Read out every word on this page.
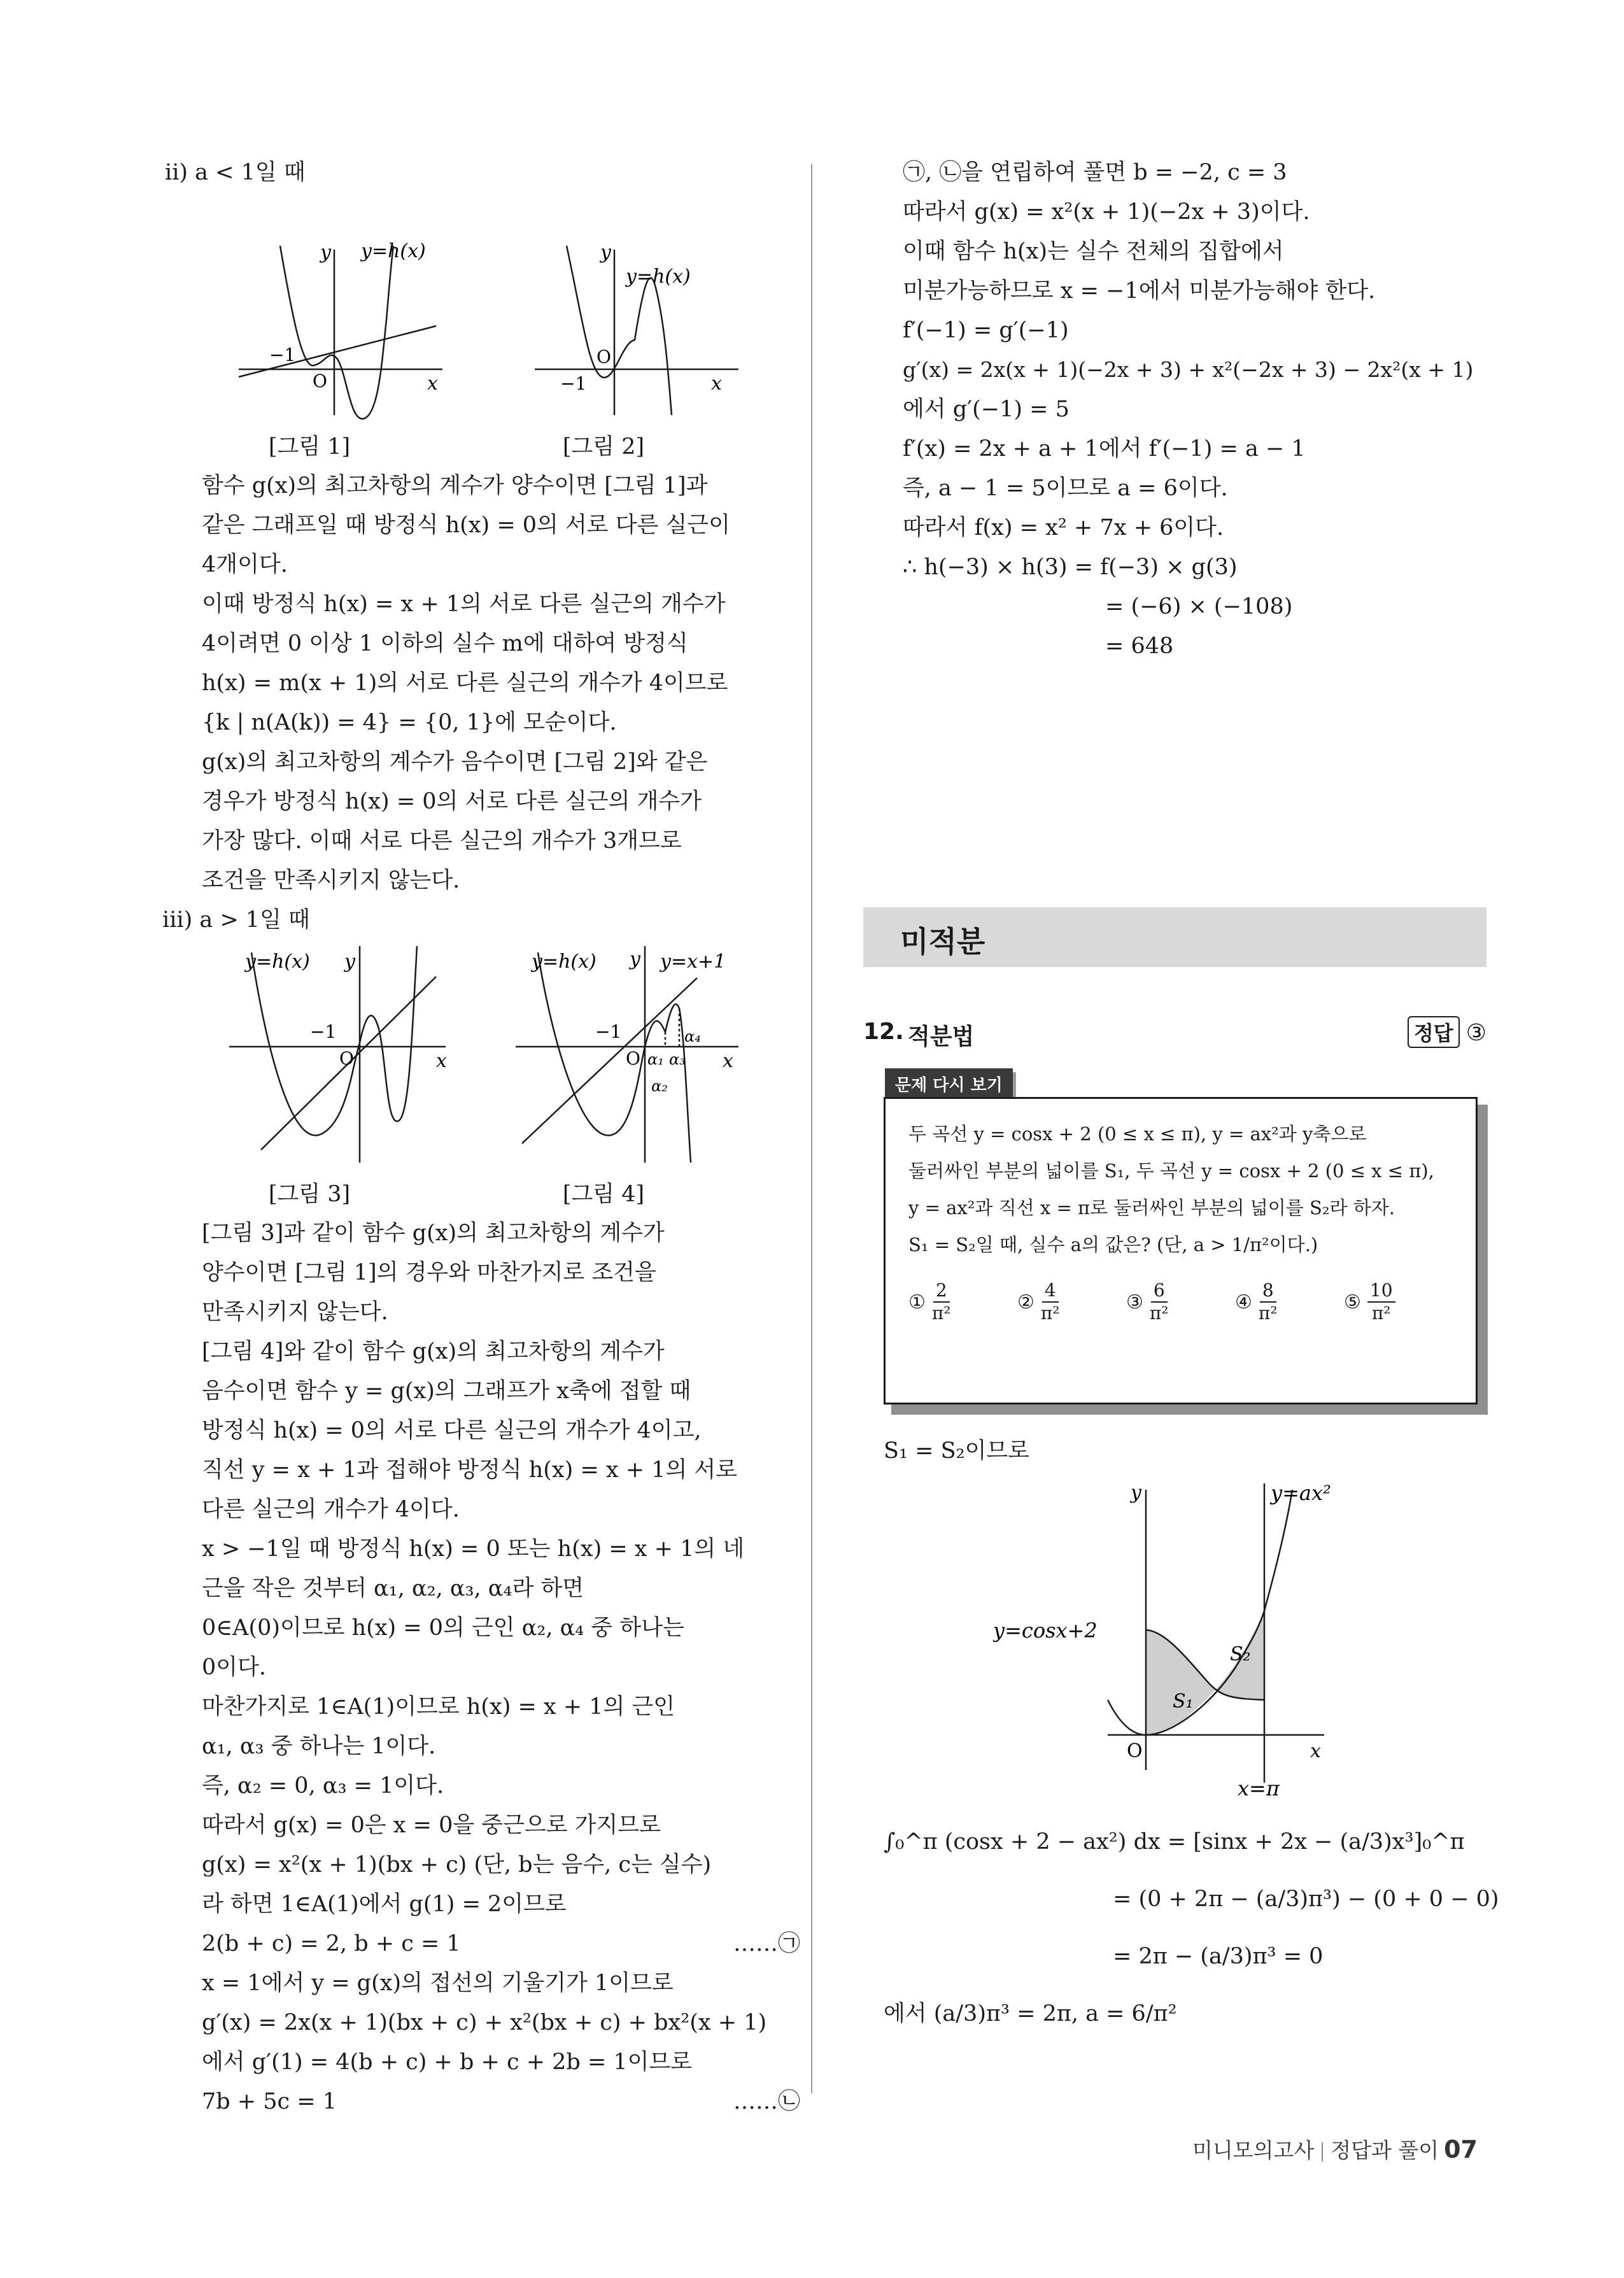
ii) a < 1일 때
y y=h(x)
−1
O	x
y
y=h(x)
O
−1	x
[그림 1]	[그림 2]
함수 g(x)의 최고차항의 계수가 양수이면 [그림 1]과
같은 그래프일 때 방정식 h(x) = 0의 서로 다른 실근이
4개이다.
이때 방정식 h(x) = x + 1의 서로 다른 실근의 개수가
4이려면 0 이상 1 이하의 실수 m에 대하여 방정식
h(x) = m(x + 1)의 서로 다른 실근의 개수가 4이므로
{k | n(A(k)) = 4} = {0, 1}에 모순이다.
g(x)의 최고차항의 계수가 음수이면 [그림 2]와 같은
경우가 방정식 h(x) = 0의 서로 다른 실근의 개수가
가장 많다. 이때 서로 다른 실근의 개수가 3개므로
조건을 만족시키지 않는다.
iii) a > 1일 때
y=h(x) y
−1
O	x
y=h(x) y y=x+1
−1
O
α₄
α₁ α₃
α₂
x
[그림 3]	[그림 4]
[그림 3]과 같이 함수 g(x)의 최고차항의 계수가
양수이면 [그림 1]의 경우와 마찬가지로 조건을
만족시키지 않는다.
[그림 4]와 같이 함수 g(x)의 최고차항의 계수가
음수이면 함수 y = g(x)의 그래프가 x축에 접할 때
방정식 h(x) = 0의 서로 다른 실근의 개수가 4이고,
직선 y = x + 1과 접해야 방정식 h(x) = x + 1의 서로
다른 실근의 개수가 4이다.
x > −1일 때 방정식 h(x) = 0 또는 h(x) = x + 1의 네
근을 작은 것부터 α₁, α₂, α₃, α₄라 하면
0∈A(0)이므로 h(x) = 0의 근인 α₂, α₄ 중 하나는
0이다.
마찬가지로 1∈A(1)이므로 h(x) = x + 1의 근인
α₁, α₃ 중 하나는 1이다.
즉, α₂ = 0, α₃ = 1이다.
따라서 g(x) = 0은 x = 0을 중근으로 가지므로
g(x) = x²(x + 1)(bx + c) (단, b는 음수, c는 실수)
라 하면 1∈A(1)에서 g(1) = 2이므로
2(b + c) = 2, b + c = 1	……㉠
x = 1에서 y = g(x)의 접선의 기울기가 1이므로
g′(x) = 2x(x + 1)(bx + c) + x²(bx + c) + bx²(x + 1)
에서 g′(1) = 4(b + c) + b + c + 2b = 1이므로
7b + 5c = 1	……㉡
㉠, ㉡을 연립하여 풀면 b = −2, c = 3
따라서 g(x) = x²(x + 1)(−2x + 3)이다.
이때 함수 h(x)는 실수 전체의 집합에서
미분가능하므로 x = −1에서 미분가능해야 한다.
f′(−1) = g′(−1)
g′(x) = 2x(x + 1)(−2x + 3) + x²(−2x + 3) − 2x²(x + 1)
에서 g′(−1) = 5
f′(x) = 2x + a + 1에서 f′(−1) = a − 1
즉, a − 1 = 5이므로 a = 6이다.
따라서 f(x) = x² + 7x + 6이다.
∴ h(−3) × h(3) = f(−3) × g(3)
= (−6) × (−108)
= 648
미적분
12. 적분법	정답 ③
문제 다시 보기
두 곡선 y = cosx + 2 (0 ≤ x ≤ π), y = ax²과 y축으로
둘러싸인 부분의 넓이를 S₁, 두 곡선 y = cosx + 2 (0 ≤ x ≤ π),
y = ax²과 직선 x = π로 둘러싸인 부분의 넓이를 S₂라 하자.
S₁ = S₂일 때, 실수 a의 값은? (단, a > 1/π²이다.)
① $\frac{2}{\text{π²}}$	② $\frac{4}{\text{π²}}$	③ $\frac{6}{\text{π²}}$	④ $\frac{8}{\text{π²}}$	⑤ $\frac{10}{\text{π²}}$
S₁ = S₂이므로
y	y=ax²
y=cosx+2
S₁
S₂
O	x
x=π
∫₀^π (cosx + 2 − ax²) dx = [sinx + 2x − (a/3)x³]₀^π
= (0 + 2π − (a/3)π³) − (0 + 0 − 0)
= 2π − (a/3)π³ = 0
에서 (a/3)π³ = 2π, a = 6/π²
미니모의고사 정답과 풀이 07
